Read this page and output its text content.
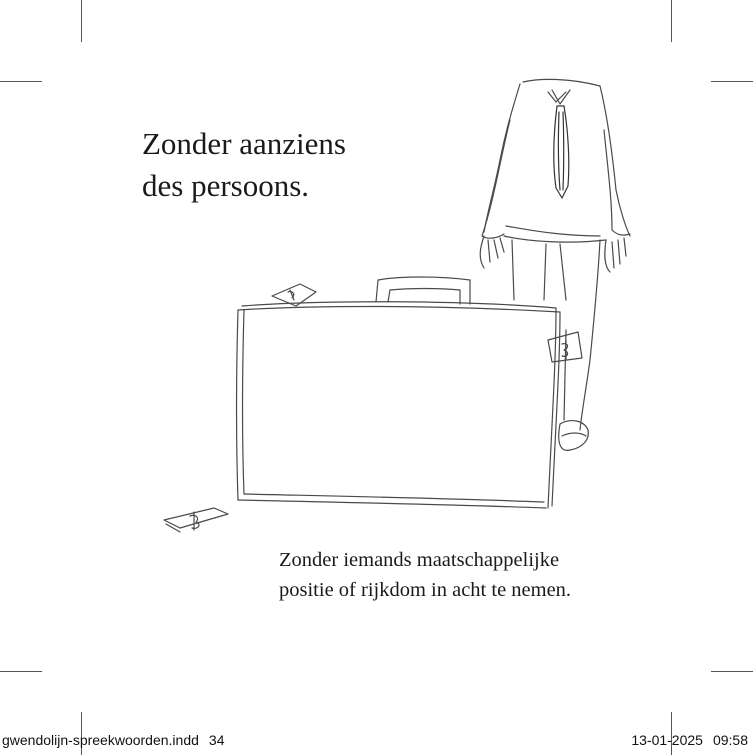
Zonder aanziens
des persoons.
Zonder iemands maatschappelijke
positie of rijkdom in acht te nemen.
gwendolijn-spreekwoorden.indd 34	13-01-2025 09:58
